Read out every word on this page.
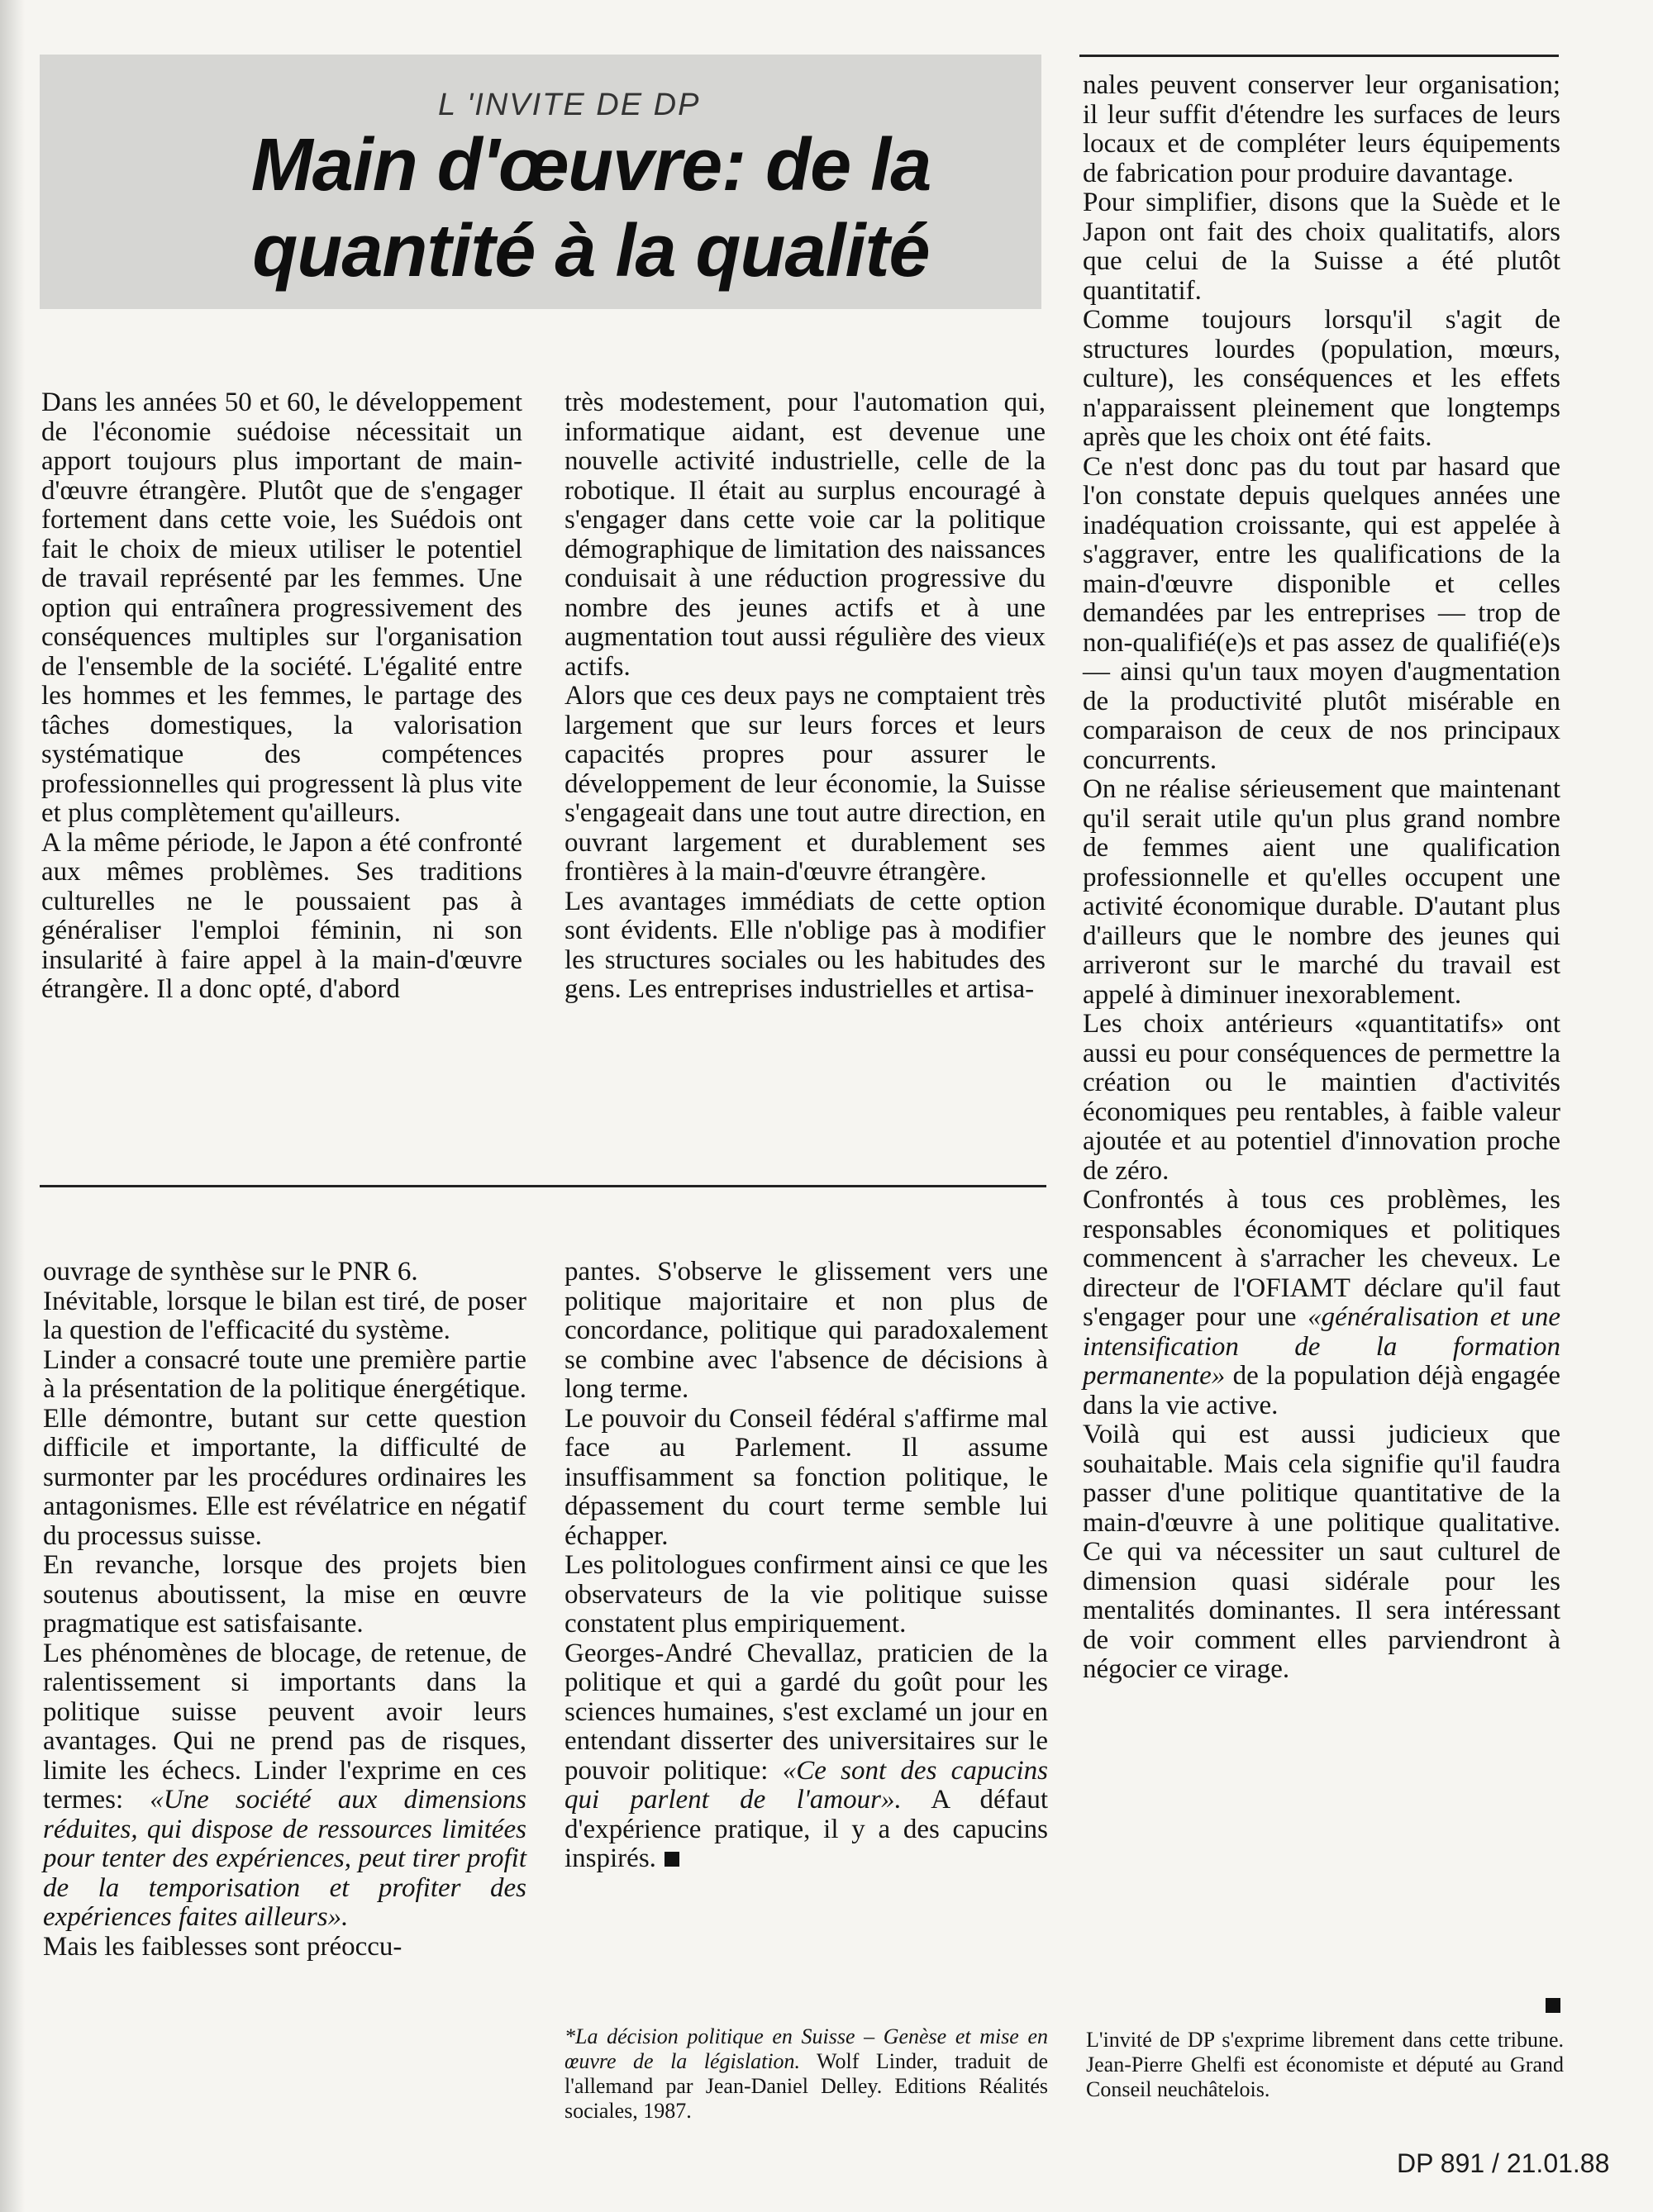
L 'INVITE DE DP
Main d'œuvre: de la
quantité à la qualité

Dans les années 50 et 60, le développement de l'économie suédoise nécessitait un apport toujours plus important de main-d'œuvre étrangère. Plutôt que de s'engager fortement dans cette voie, les Suédois ont fait le choix de mieux utiliser le potentiel de travail représenté par les femmes. Une option qui entraînera progressivement des conséquences multiples sur l'organisation de l'ensemble de la société. L'égalité entre les hommes et les femmes, le partage des tâches domestiques, la valorisation systématique des compétences professionnelles qui progressent là plus vite et plus complètement qu'ailleurs.

A la même période, le Japon a été confronté aux mêmes problèmes. Ses traditions culturelles ne le poussaient pas à généraliser l'emploi féminin, ni son insularité à faire appel à la main-d'œuvre étrangère. Il a donc opté, d'abord

très modestement, pour l'automation qui, informatique aidant, est devenue une nouvelle activité industrielle, celle de la robotique. Il était au surplus encouragé à s'engager dans cette voie car la politique démographique de limitation des naissances conduisait à une réduction progressive du nombre des jeunes actifs et à une augmentation tout aussi régulière des vieux actifs.

Alors que ces deux pays ne comptaient très largement que sur leurs forces et leurs capacités propres pour assurer le développement de leur économie, la Suisse s'engageait dans une tout autre direction, en ouvrant largement et durablement ses frontières à la main-d'œuvre étrangère.

Les avantages immédiats de cette option sont évidents. Elle n'oblige pas à modifier les structures sociales ou les habitudes des gens. Les entreprises industrielles et artisa-

nales peuvent conserver leur organisation; il leur suffit d'étendre les surfaces de leurs locaux et de compléter leurs équipements de fabrication pour produire davantage.

Pour simplifier, disons que la Suède et le Japon ont fait des choix qualitatifs, alors que celui de la Suisse a été plutôt quantitatif.

Comme toujours lorsqu'il s'agit de structures lourdes (population, mœurs, culture), les conséquences et les effets n'apparaissent pleinement que longtemps après que les choix ont été faits.

Ce n'est donc pas du tout par hasard que l'on constate depuis quelques années une inadéquation croissante, qui est appelée à s'aggraver, entre les qualifications de la main-d'œuvre disponible et celles demandées par les entreprises — trop de non-qualifié(e)s et pas assez de qualifié(e)s — ainsi qu'un taux moyen d'augmentation de la productivité plutôt misérable en comparaison de ceux de nos principaux concurrents.

On ne réalise sérieusement que maintenant qu'il serait utile qu'un plus grand nombre de femmes aient une qualification professionnelle et qu'elles occupent une activité économique durable. D'autant plus d'ailleurs que le nombre des jeunes qui arriveront sur le marché du travail est appelé à diminuer inexorablement.

Les choix antérieurs «quantitatifs» ont aussi eu pour conséquences de permettre la création ou le maintien d'activités économiques peu rentables, à faible valeur ajoutée et au potentiel d'innovation proche de zéro.

Confrontés à tous ces problèmes, les responsables économiques et politiques commencent à s'arracher les cheveux. Le directeur de l'OFIAMT déclare qu'il faut s'engager pour une «généralisation et une intensification de la formation permanente» de la population déjà engagée dans la vie active.

Voilà qui est aussi judicieux que souhaitable. Mais cela signifie qu'il faudra passer d'une politique quantitative de la main-d'œuvre à une politique qualitative. Ce qui va nécessiter un saut culturel de dimension quasi sidérale pour les mentalités dominantes. Il sera intéressant de voir comment elles parviendront à négocier ce virage.

L'invité de DP s'exprime librement dans cette tribune. Jean-Pierre Ghelfi est économiste et député au Grand Conseil neuchâtelois.

ouvrage de synthèse sur le PNR 6.

Inévitable, lorsque le bilan est tiré, de poser la question de l'efficacité du système.

Linder a consacré toute une première partie à la présentation de la politique énergétique. Elle démontre, butant sur cette question difficile et importante, la difficulté de surmonter par les procédures ordinaires les antagonismes. Elle est révélatrice en négatif du processus suisse.

En revanche, lorsque des projets bien soutenus aboutissent, la mise en œuvre pragmatique est satisfaisante.

Les phénomènes de blocage, de retenue, de ralentissement si importants dans la politique suisse peuvent avoir leurs avantages. Qui ne prend pas de risques, limite les échecs. Linder l'exprime en ces termes: «Une société aux dimensions réduites, qui dispose de ressources limitées pour tenter des expériences, peut tirer profit de la temporisation et profiter des expériences faites ailleurs».

Mais les faiblesses sont préoccu-

pantes. S'observe le glissement vers une politique majoritaire et non plus de concordance, politique qui paradoxalement se combine avec l'absence de décisions à long terme.

Le pouvoir du Conseil fédéral s'affirme mal face au Parlement. Il assume insuffisamment sa fonction politique, le dépassement du court terme semble lui échapper.

Les politologues confirment ainsi ce que les observateurs de la vie politique suisse constatent plus empiriquement.

Georges-André Chevallaz, praticien de la politique et qui a gardé du goût pour les sciences humaines, s'est exclamé un jour en entendant disserter des universitaires sur le pouvoir politique: «Ce sont des capucins qui parlent de l'amour». A défaut d'expérience pratique, il y a des capucins inspirés.

*La décision politique en Suisse – Genèse et mise en œuvre de la législation. Wolf Linder, traduit de l'allemand par Jean-Daniel Delley. Editions Réalités sociales, 1987.

DP 891 / 21.01.88
